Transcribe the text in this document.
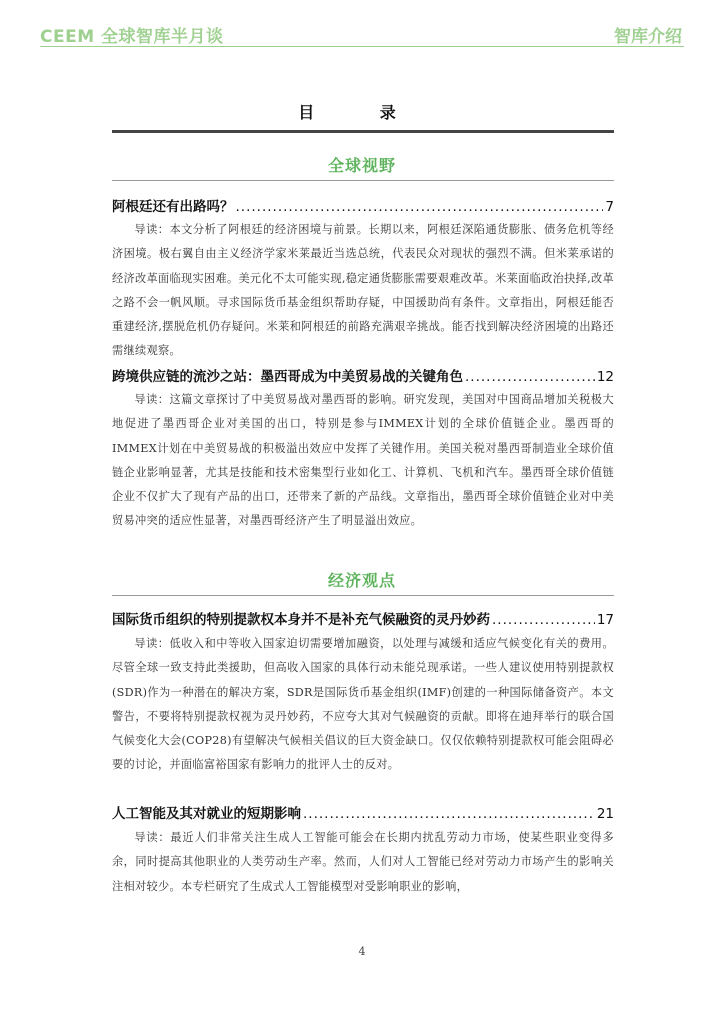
CEEM 全球智库半月谈	智库介绍
目 录
全球视野
阿根廷还有出路吗？ .....	7
导读：本文分析了阿根廷的经济困境与前景。长期以来，阿根廷深陷通货膨胀、债务危机等经济困境。极右翼自由主义经济学家米莱最近当选总统，代表民众对现状的强烈不满。但米莱承诺的经济改革面临现实困难。美元化不太可能实现,稳定通货膨胀需要艰难改革。米莱面临政治抉择,改革之路不会一帆风顺。寻求国际货币基金组织帮助存疑，中国援助尚有条件。文章指出，阿根廷能否重建经济,摆脱危机仍存疑问。米莱和阿根廷的前路充满艰辛挑战。能否找到解决经济困境的出路还需继续观察。
跨境供应链的流沙之站：墨西哥成为中美贸易战的关键角色 .....	12
导读：这篇文章探讨了中美贸易战对墨西哥的影响。研究发现，美国对中国商品增加关税极大地促进了墨西哥企业对美国的出口，特别是参与IMMEX计划的全球价值链企业。墨西哥的IMMEX计划在中美贸易战的积极溢出效应中发挥了关键作用。美国关税对墨西哥制造业全球价值链企业影响显著，尤其是技能和技术密集型行业如化工、计算机、飞机和汽车。墨西哥全球价值链企业不仅扩大了现有产品的出口，还带来了新的产品线。文章指出，墨西哥全球价值链企业对中美贸易冲突的适应性显著，对墨西哥经济产生了明显溢出效应。
经济观点
国际货币组织的特别提款权本身并不是补充气候融资的灵丹妙药 .....	17
导读：低收入和中等收入国家迫切需要增加融资，以处理与减缓和适应气候变化有关的费用。尽管全球一致支持此类援助，但高收入国家的具体行动未能兑现承诺。一些人建议使用特别提款权(SDR)作为一种潜在的解决方案，SDR是国际货币基金组织(IMF)创建的一种国际储备资产。本文警告，不要将特别提款权视为灵丹妙药，不应夸大其对气候融资的贡献。即将在迪拜举行的联合国气候变化大会(COP28)有望解决气候相关倡议的巨大资金缺口。仅仅依赖特别提款权可能会阻碍必要的讨论，并面临富裕国家有影响力的批评人士的反对。
人工智能及其对就业的短期影响 .....	21
导读：最近人们非常关注生成人工智能可能会在长期内扰乱劳动力市场，使某些职业变得多余，同时提高其他职业的人类劳动生产率。然而，人们对人工智能已经对劳动力市场产生的影响关注相对较少。本专栏研究了生成式人工智能模型对受影响职业的影响，
4
